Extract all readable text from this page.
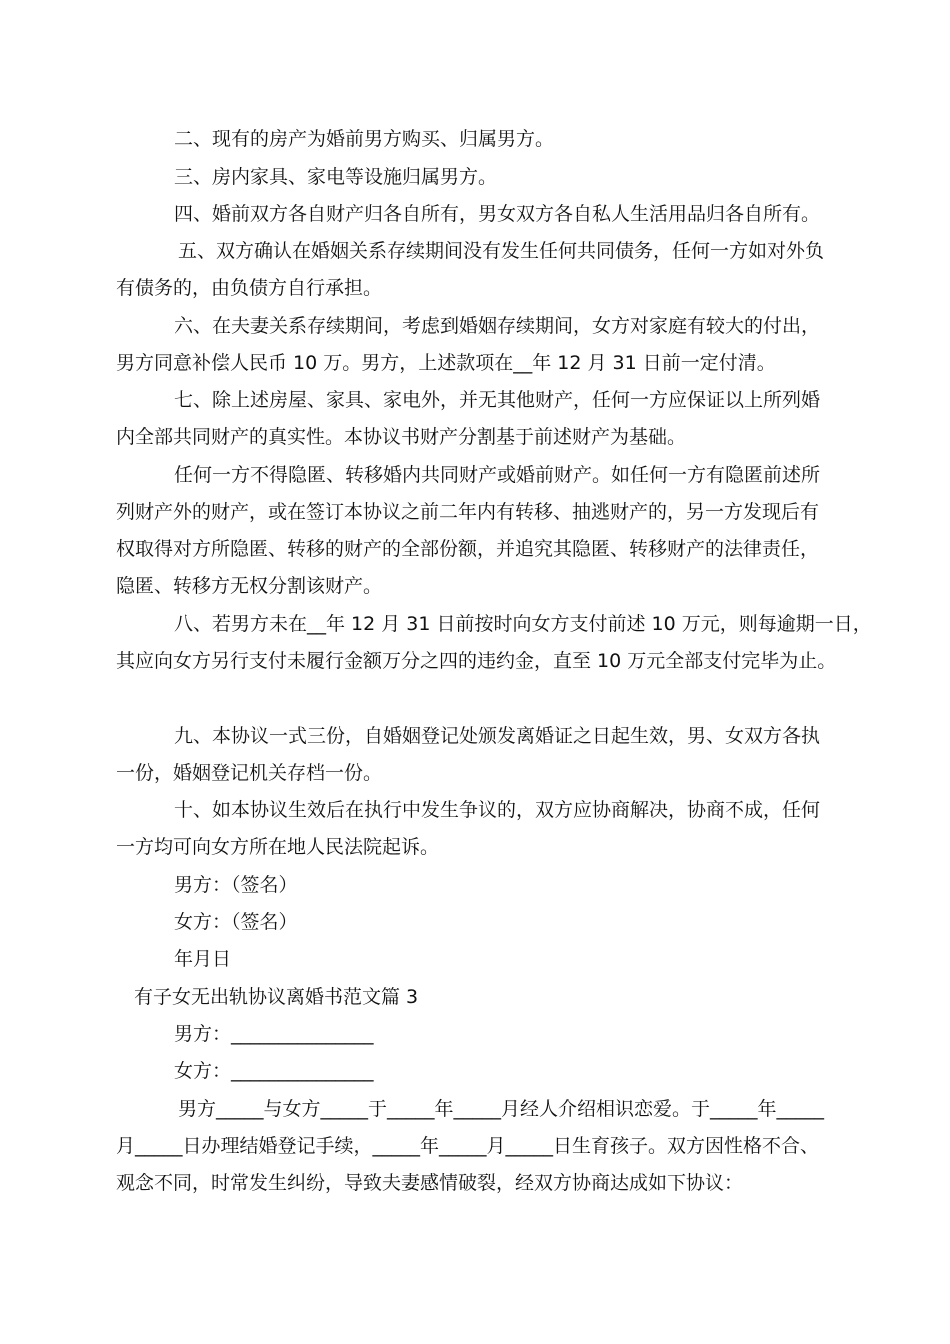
二、现有的房产为婚前男方购买、归属男方。
三、房内家具、家电等设施归属男方。
四、婚前双方各自财产归各自所有，男女双方各自私人生活用品归各自所有。
五、双方确认在婚姻关系存续期间没有发生任何共同债务，任何一方如对外负
有债务的，由负债方自行承担。
六、在夫妻关系存续期间，考虑到婚姻存续期间，女方对家庭有较大的付出，
男方同意补偿人民币 10 万。男方，上述款项在__年 12 月 31 日前一定付清。
七、除上述房屋、家具、家电外，并无其他财产，任何一方应保证以上所列婚
内全部共同财产的真实性。本协议书财产分割基于前述财产为基础。
任何一方不得隐匿、转移婚内共同财产或婚前财产。如任何一方有隐匿前述所
列财产外的财产，或在签订本协议之前二年内有转移、抽逃财产的，另一方发现后有
权取得对方所隐匿、转移的财产的全部份额，并追究其隐匿、转移财产的法律责任，
隐匿、转移方无权分割该财产。
八、若男方未在__年 12 月 31 日前按时向女方支付前述 10 万元，则每逾期一日，
其应向女方另行支付未履行金额万分之四的违约金，直至 10 万元全部支付完毕为止。
九、本协议一式三份，自婚姻登记处颁发离婚证之日起生效，男、女双方各执
一份，婚姻登记机关存档一份。
十、如本协议生效后在执行中发生争议的，双方应协商解决，协商不成，任何
一方均可向女方所在地人民法院起诉。
男方：（签名）
女方：（签名）
年月日
有子女无出轨协议离婚书范文篇 3
男方：_______________
女方：_______________
男方_____与女方_____于_____年_____月经人介绍相识恋爱。于_____年_____
月_____日办理结婚登记手续，_____年_____月_____日生育孩子。双方因性格不合、
观念不同，时常发生纠纷，导致夫妻感情破裂，经双方协商达成如下协议：
